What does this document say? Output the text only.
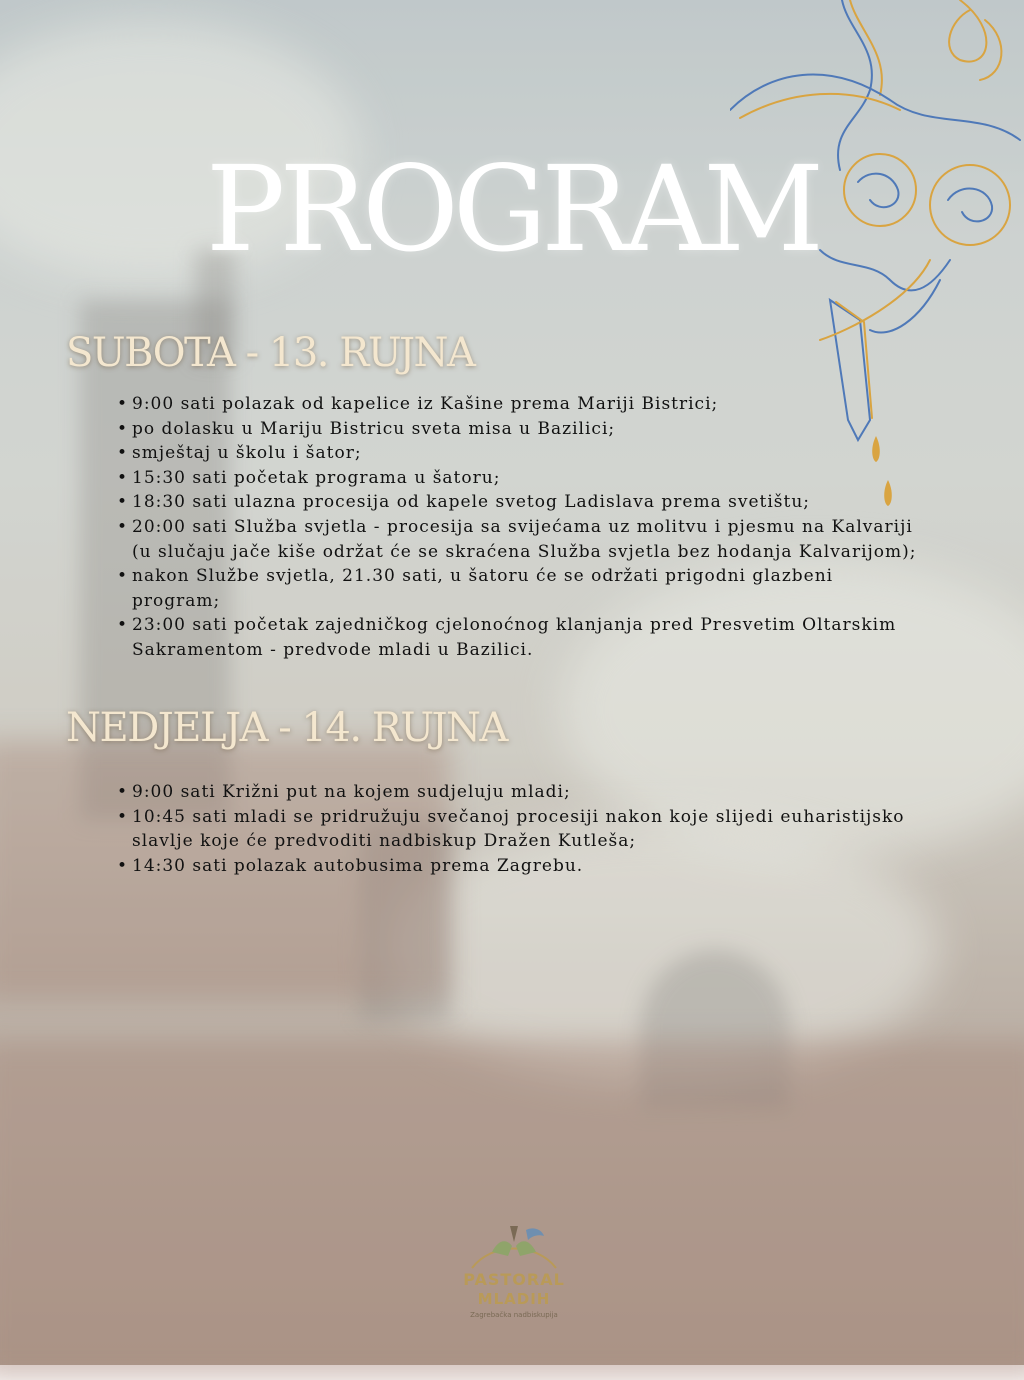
PROGRAM
SUBOTA - 13. RUJNA
• 9:00 sati polazak od kapelice iz Kašine prema Mariji Bistrici;
• po dolasku u Mariju Bistricu sveta misa u Bazilici;
• smještaj u školu i šator;
• 15:30 sati početak programa u šatoru;
• 18:30 sati ulazna procesija od kapele svetog Ladislava prema svetištu;
• 20:00 sati Služba svjetla - procesija sa svijećama uz molitvu i pjesmu na Kalvariji (u slučaju jače kiše održat će se skraćena Služba svjetla bez hodanja Kalvarijom);
• nakon Službe svjetla, 21.30 sati, u šatoru će se održati prigodni glazbeni program;
• 23:00 sati početak zajedničkog cjelonoćnog klanjanja pred Presvetim Oltarskim Sakramentom - predvode mladi u Bazilici.
NEDJELJA - 14. RUJNA
• 9:00 sati Križni put na kojem sudjeluju mladi;
• 10:45 sati mladi se pridružuju svečanoj procesiji nakon koje slijedi euharistijsko slavlje koje će predvoditi nadbiskup Dražen Kutleša;
• 14:30 sati polazak autobusima prema Zagrebu.
PASTORAL
MLADIH
Zagrebačka nadbiskupija
